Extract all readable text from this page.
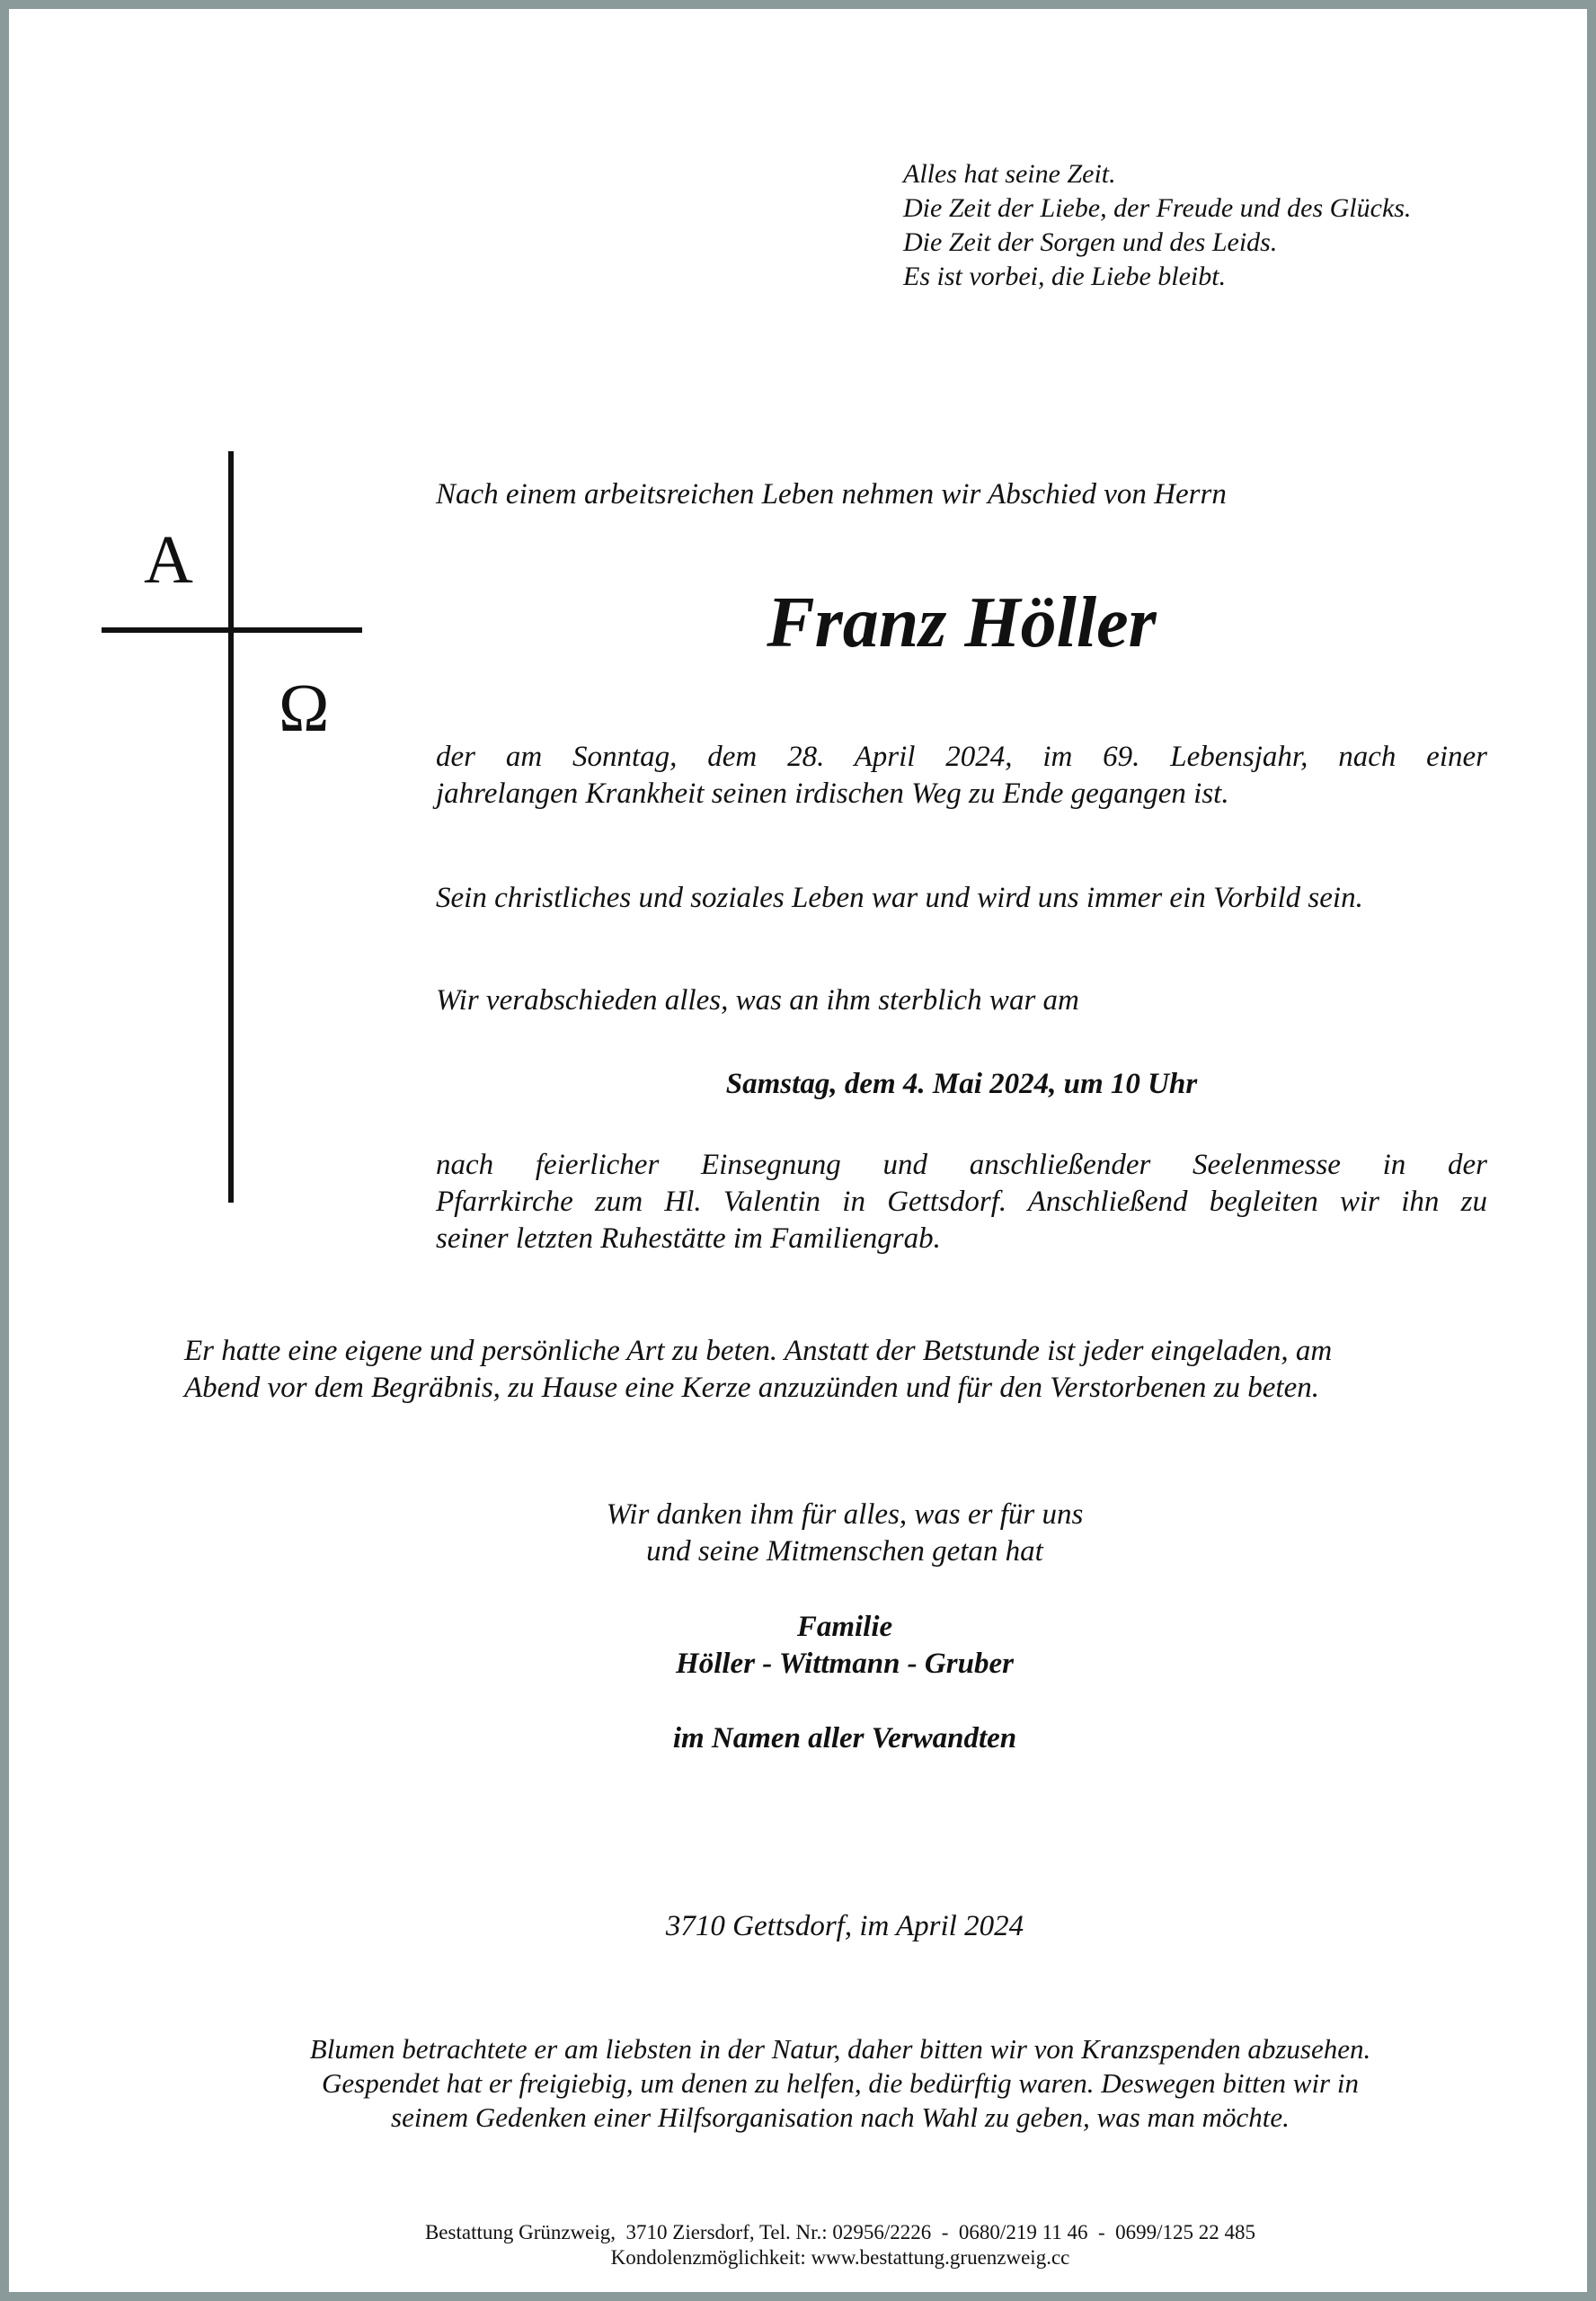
Alles hat seine Zeit.
Die Zeit der Liebe, der Freude und des Glücks.
Die Zeit der Sorgen und des Leids.
Es ist vorbei, die Liebe bleibt.
A
Ω
Nach einem arbeitsreichen Leben nehmen wir Abschied von Herrn
Franz Höller
der am Sonntag, dem 28. April 2024, im 69. Lebensjahr, nach einer
jahrelangen Krankheit seinen irdischen Weg zu Ende gegangen ist.
Sein christliches und soziales Leben war und wird uns immer ein Vorbild sein.
Wir verabschieden alles, was an ihm sterblich war am
Samstag, dem 4. Mai 2024, um 10 Uhr
nach feierlicher Einsegnung und anschließender Seelenmesse in der
Pfarrkirche zum Hl. Valentin in Gettsdorf. Anschließend begleiten wir ihn zu
seiner letzten Ruhestätte im Familiengrab.
Er hatte eine eigene und persönliche Art zu beten. Anstatt der Betstunde ist jeder eingeladen, am
Abend vor dem Begräbnis, zu Hause eine Kerze anzuzünden und für den Verstorbenen zu beten.
Wir danken ihm für alles, was er für uns
und seine Mitmenschen getan hat
Familie
Höller - Wittmann - Gruber
im Namen aller Verwandten
3710 Gettsdorf, im April 2024
Blumen betrachtete er am liebsten in der Natur, daher bitten wir von Kranzspenden abzusehen.
Gespendet hat er freigiebig, um denen zu helfen, die bedürftig waren. Deswegen bitten wir in
seinem Gedenken einer Hilfsorganisation nach Wahl zu geben, was man möchte.
Bestattung Grünzweig,  3710 Ziersdorf, Tel. Nr.: 02956/2226  -  0680/219 11 46  -  0699/125 22 485
Kondolenzmöglichkeit: www.bestattung.gruenzweig.cc
